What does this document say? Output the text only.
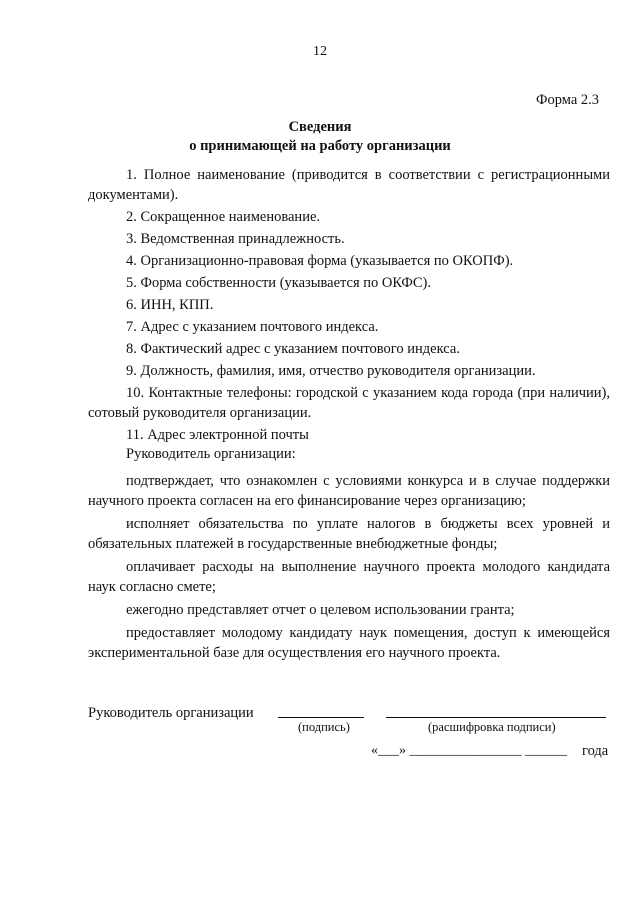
12
Форма 2.3
Сведения
о принимающей на работу организации
1. Полное наименование (приводится в соответствии с регистрационными документами).
2. Сокращенное наименование.
3. Ведомственная принадлежность.
4. Организационно-правовая форма (указывается по ОКОПФ).
5. Форма собственности (указывается по ОКФС).
6. ИНН, КПП.
7. Адрес с указанием почтового индекса.
8. Фактический адрес с указанием почтового индекса.
9. Должность, фамилия, имя, отчество руководителя организации.
10. Контактные телефоны: городской с указанием кода города (при наличии), сотовый руководителя организации.
11. Адрес электронной почты
Руководитель организации:
подтверждает, что ознакомлен с условиями конкурса и в случае поддержки научного проекта согласен на его финансирование через организацию;
исполняет обязательства по уплате налогов в бюджеты всех уровней и обязательных платежей в государственные внебюджетные фонды;
оплачивает расходы на выполнение научного проекта молодого кандидата наук согласно смете;
ежегодно представляет отчет о целевом использовании гранта;
предоставляет молодому кандидату наук помещения, доступ к имеющейся экспериментальной базе для осуществления его научного проекта.
Руководитель организации
(подпись)	(расшифровка подписи)
«___» ________________ ______ года
